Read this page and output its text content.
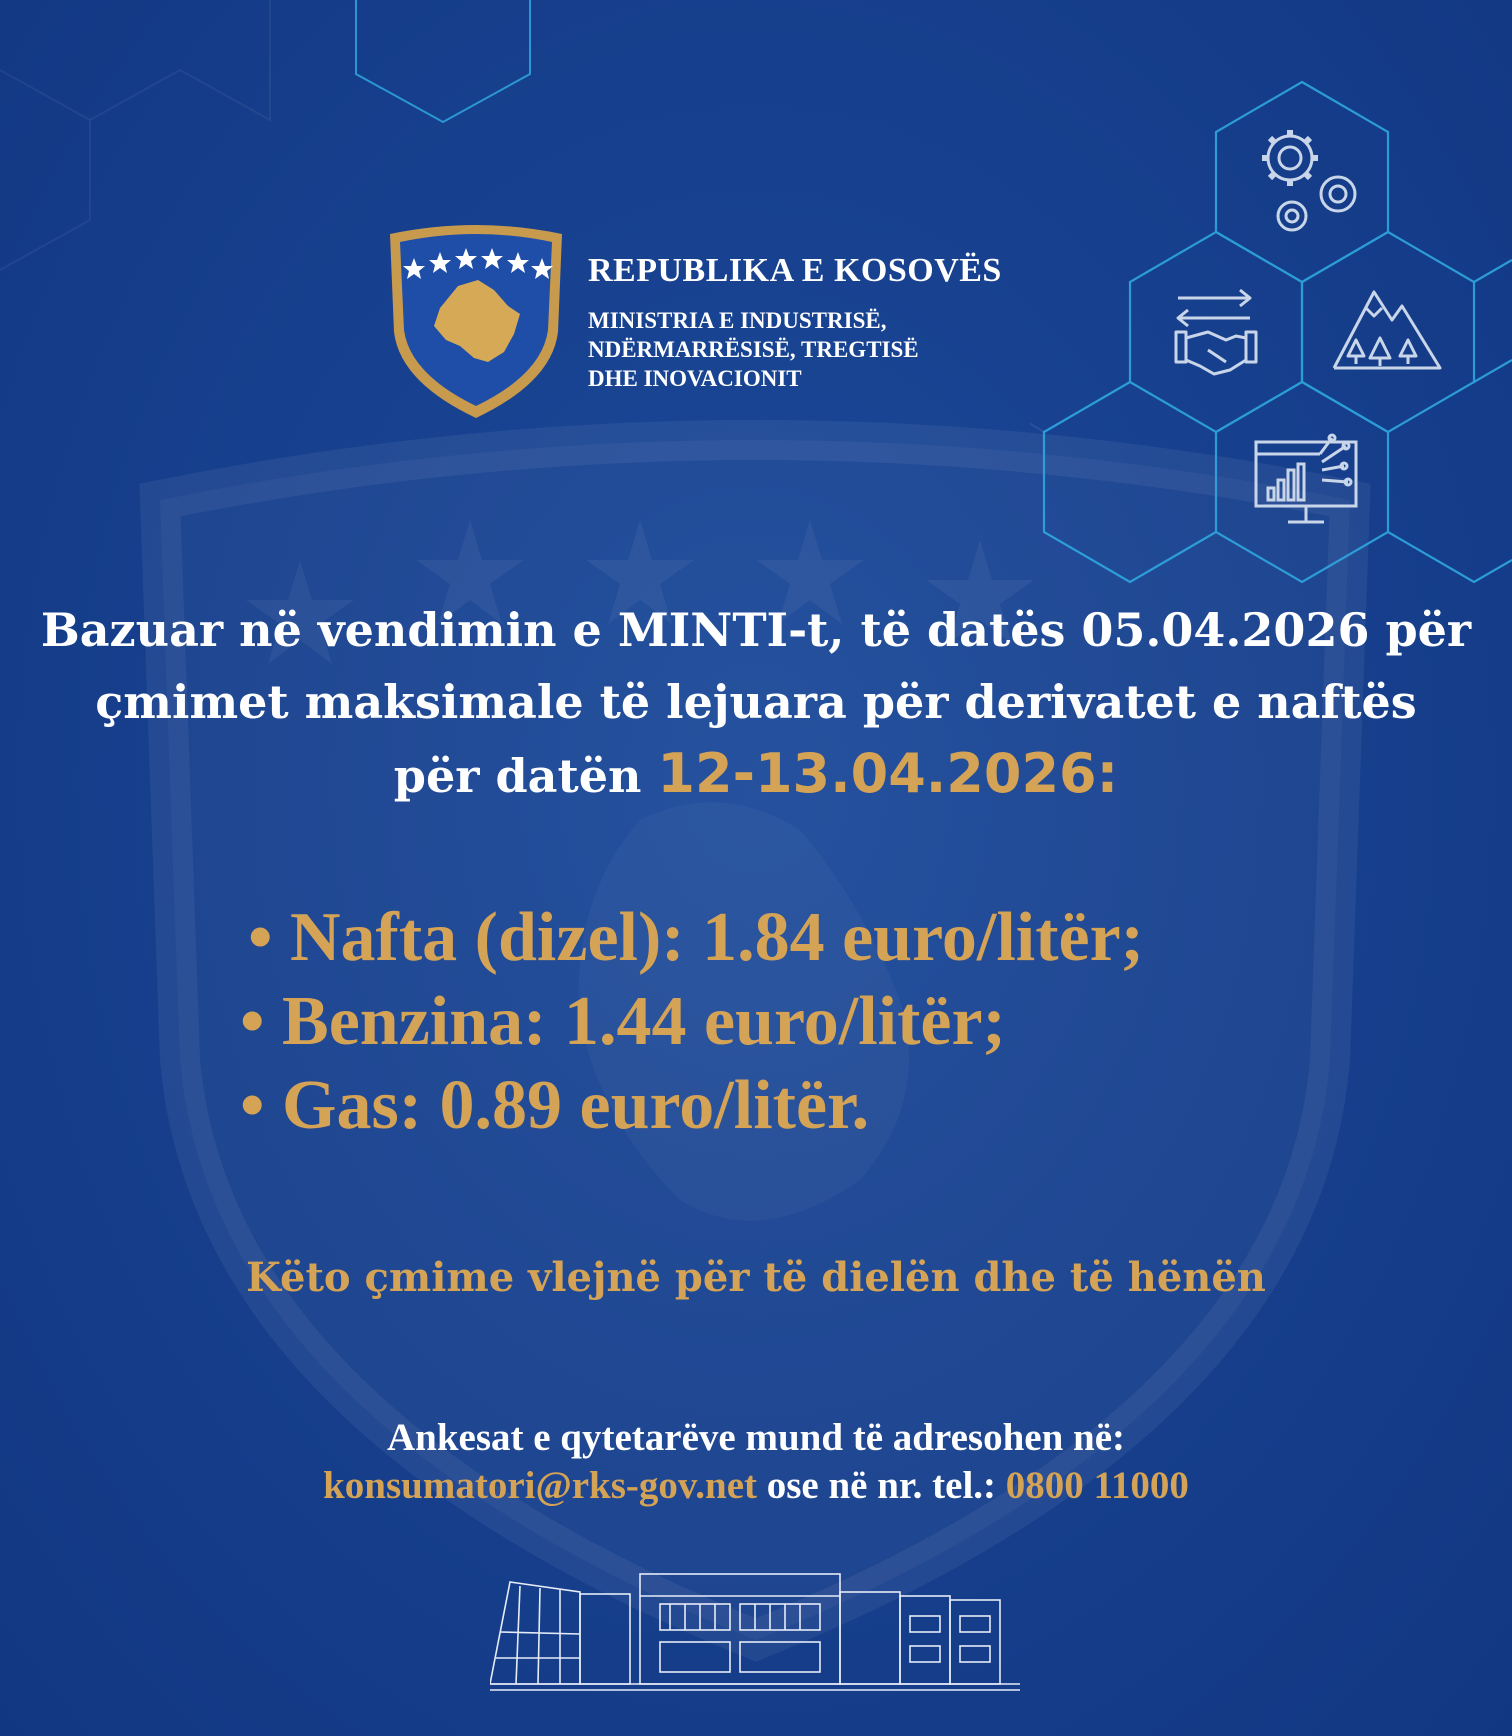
REPUBLIKA E KOSOVËS
MINISTRIA E INDUSTRISË,
NDËRMARRËSISË, TREGTISË
DHE INOVACIONIT
Bazuar në vendimin e MINTI-t, të datës 05.04.2026 për
çmimet maksimale të lejuara për derivatet e naftës
për datën 12-13.04.2026:
• Nafta (dizel): 1.84 euro/litër;
• Benzina: 1.44 euro/litër;
• Gas: 0.89 euro/litër.
Këto çmime vlejnë për të dielën dhe të hënën
Ankesat e qytetarëve mund të adresohen në:
konsumatori@rks-gov.net ose në nr. tel.: 0800 11000
